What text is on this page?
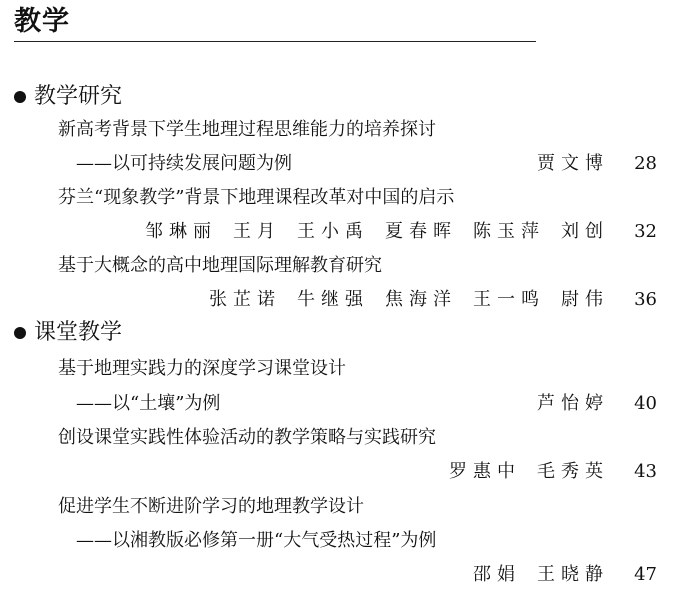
教学
教学研究
新高考背景下学生地理过程思维能力的培养探讨
——以可持续发展问题为例	贾文博	28
芬兰“现象教学”背景下地理课程改革对中国的启示
邹琳丽 王月 王小禹 夏春晖 陈玉萍 刘创	32
基于大概念的高中地理国际理解教育研究
张芷诺 牛继强 焦海洋 王一鸣 尉伟	36
课堂教学
基于地理实践力的深度学习课堂设计
——以“土壤”为例	芦怡婷	40
创设课堂实践性体验活动的教学策略与实践研究
罗惠中 毛秀英	43
促进学生不断进阶学习的地理教学设计
——以湘教版必修第一册“大气受热过程”为例
邵娟 王晓静	47
